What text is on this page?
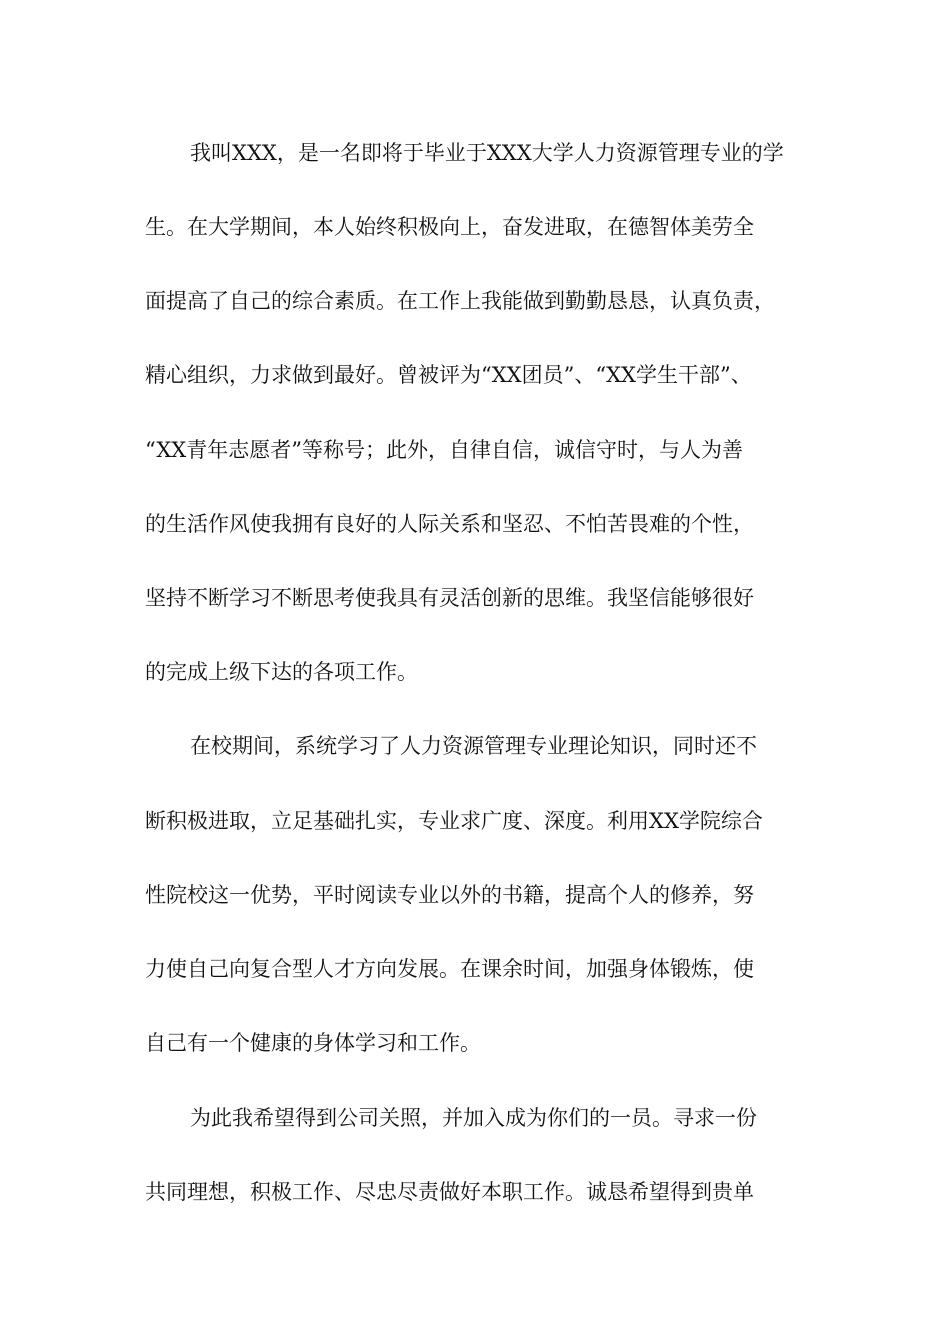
我叫XXX，是一名即将于毕业于XXX大学人力资源管理专业的学
生。在大学期间，本人始终积极向上，奋发进取，在德智体美劳全
面提高了自己的综合素质。在工作上我能做到勤勤恳恳，认真负责，
精心组织，力求做到最好。曾被评为“XX团员”、“XX学生干部”、
“XX青年志愿者”等称号；此外，自律自信，诚信守时，与人为善
的生活作风使我拥有良好的人际关系和坚忍、不怕苦畏难的个性，
坚持不断学习不断思考使我具有灵活创新的思维。我坚信能够很好
的完成上级下达的各项工作。
在校期间，系统学习了人力资源管理专业理论知识，同时还不
断积极进取，立足基础扎实，专业求广度、深度。利用XX学院综合
性院校这一优势，平时阅读专业以外的书籍，提高个人的修养，努
力使自己向复合型人才方向发展。在课余时间，加强身体锻炼，使
自己有一个健康的身体学习和工作。
为此我希望得到公司关照，并加入成为你们的一员。寻求一份
共同理想，积极工作、尽忠尽责做好本职工作。诚恳希望得到贵单
